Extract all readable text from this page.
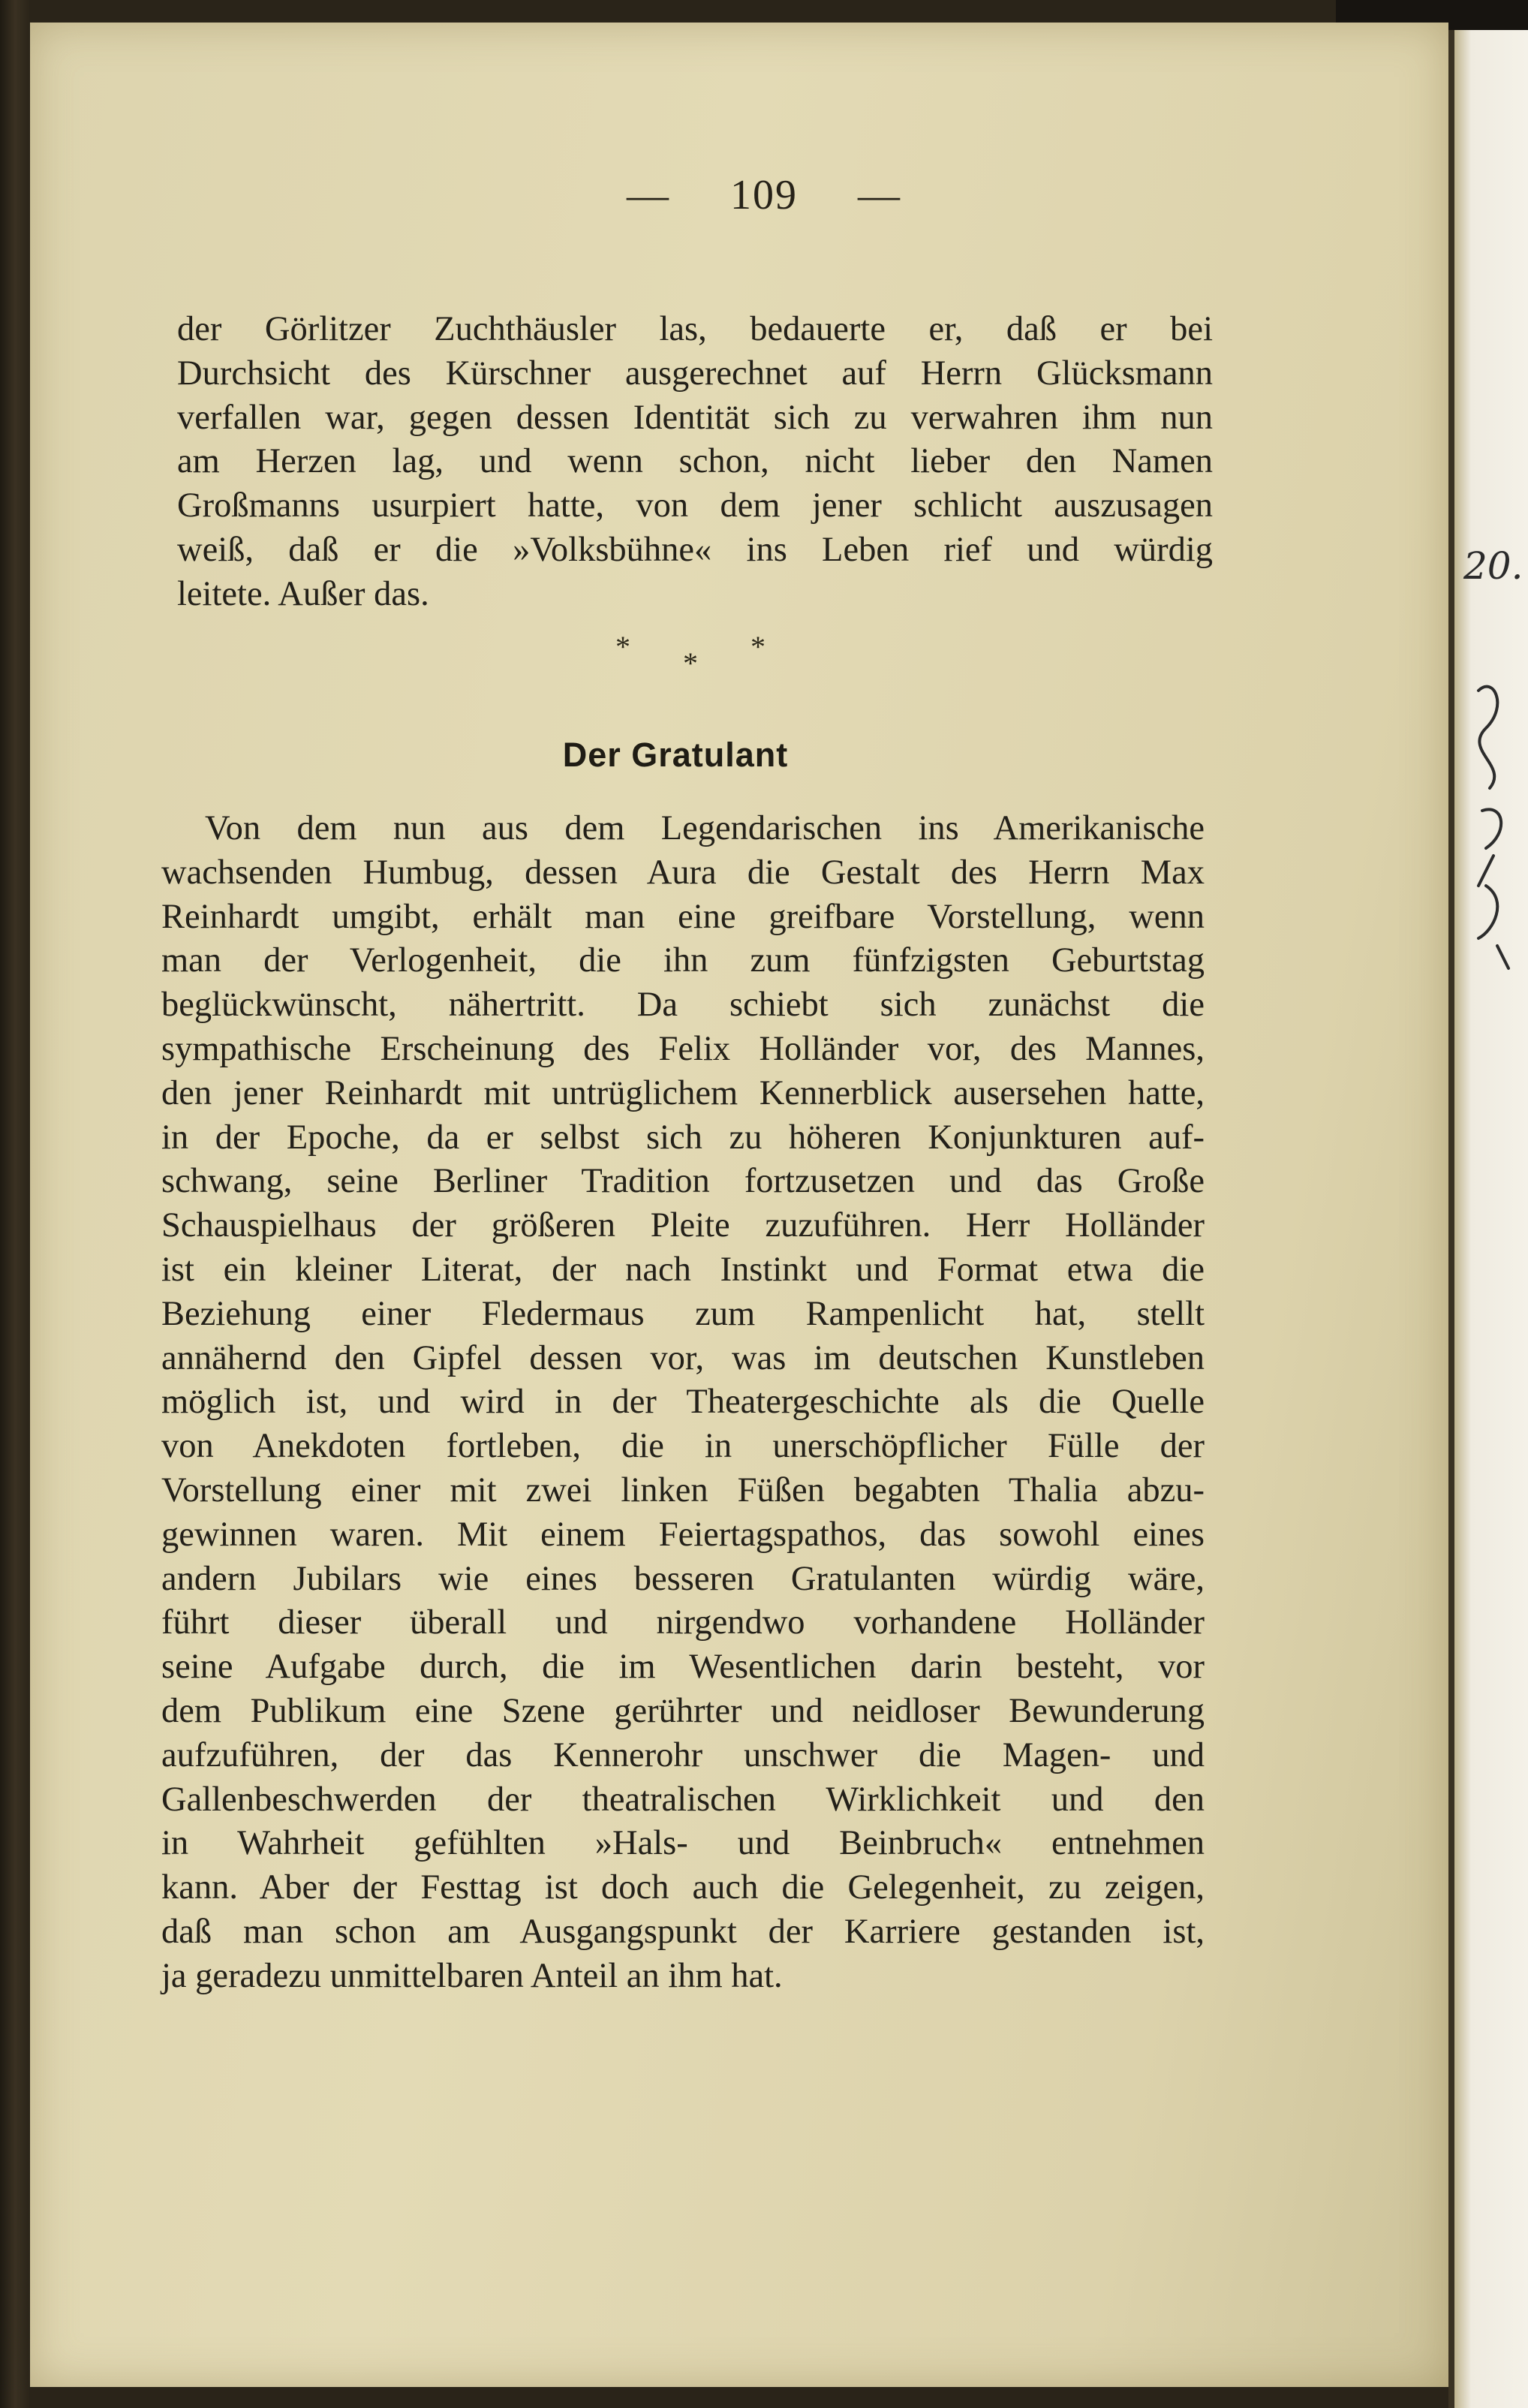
— 109 —
der Görlitzer Zuchthäusler las, bedauerte er, daß er bei
Durchsicht des Kürschner ausgerechnet auf Herrn Glücksmann
verfallen war, gegen dessen Identität sich zu verwahren ihm nun
am Herzen lag, und wenn schon, nicht lieber den Namen
Großmanns usurpiert hatte, von dem jener schlicht auszusagen
weiß, daß er die »Volksbühne« ins Leben rief und würdig
leitete. Außer das.
* * *
Der Gratulant
Von dem nun aus dem Legendarischen ins Amerikanische
wachsenden Humbug, dessen Aura die Gestalt des Herrn Max
Reinhardt umgibt, erhält man eine greifbare Vorstellung, wenn
man der Verlogenheit, die ihn zum fünfzigsten Geburtstag
beglückwünscht, nähertritt. Da schiebt sich zunächst die
sympathische Erscheinung des Felix Holländer vor, des Mannes,
den jener Reinhardt mit untrüglichem Kennerblick ausersehen hatte,
in der Epoche, da er selbst sich zu höheren Konjunkturen auf-
schwang, seine Berliner Tradition fortzusetzen und das Große
Schauspielhaus der größeren Pleite zuzuführen. Herr Holländer
ist ein kleiner Literat, der nach Instinkt und Format etwa die
Beziehung einer Fledermaus zum Rampenlicht hat, stellt
annähernd den Gipfel dessen vor, was im deutschen Kunstleben
möglich ist, und wird in der Theatergeschichte als die Quelle
von Anekdoten fortleben, die in unerschöpflicher Fülle der
Vorstellung einer mit zwei linken Füßen begabten Thalia abzu-
gewinnen waren. Mit einem Feiertagspathos, das sowohl eines
andern Jubilars wie eines besseren Gratulanten würdig wäre,
führt dieser überall und nirgendwo vorhandene Holländer
seine Aufgabe durch, die im Wesentlichen darin besteht, vor
dem Publikum eine Szene gerührter und neidloser Bewunderung
aufzuführen, der das Kennerohr unschwer die Magen- und
Gallenbeschwerden der theatralischen Wirklichkeit und den
in Wahrheit gefühlten »Hals- und Beinbruch« entnehmen
kann. Aber der Festtag ist doch auch die Gelegenheit, zu zeigen,
daß man schon am Ausgangspunkt der Karriere gestanden ist,
ja geradezu unmittelbaren Anteil an ihm hat.
20.
